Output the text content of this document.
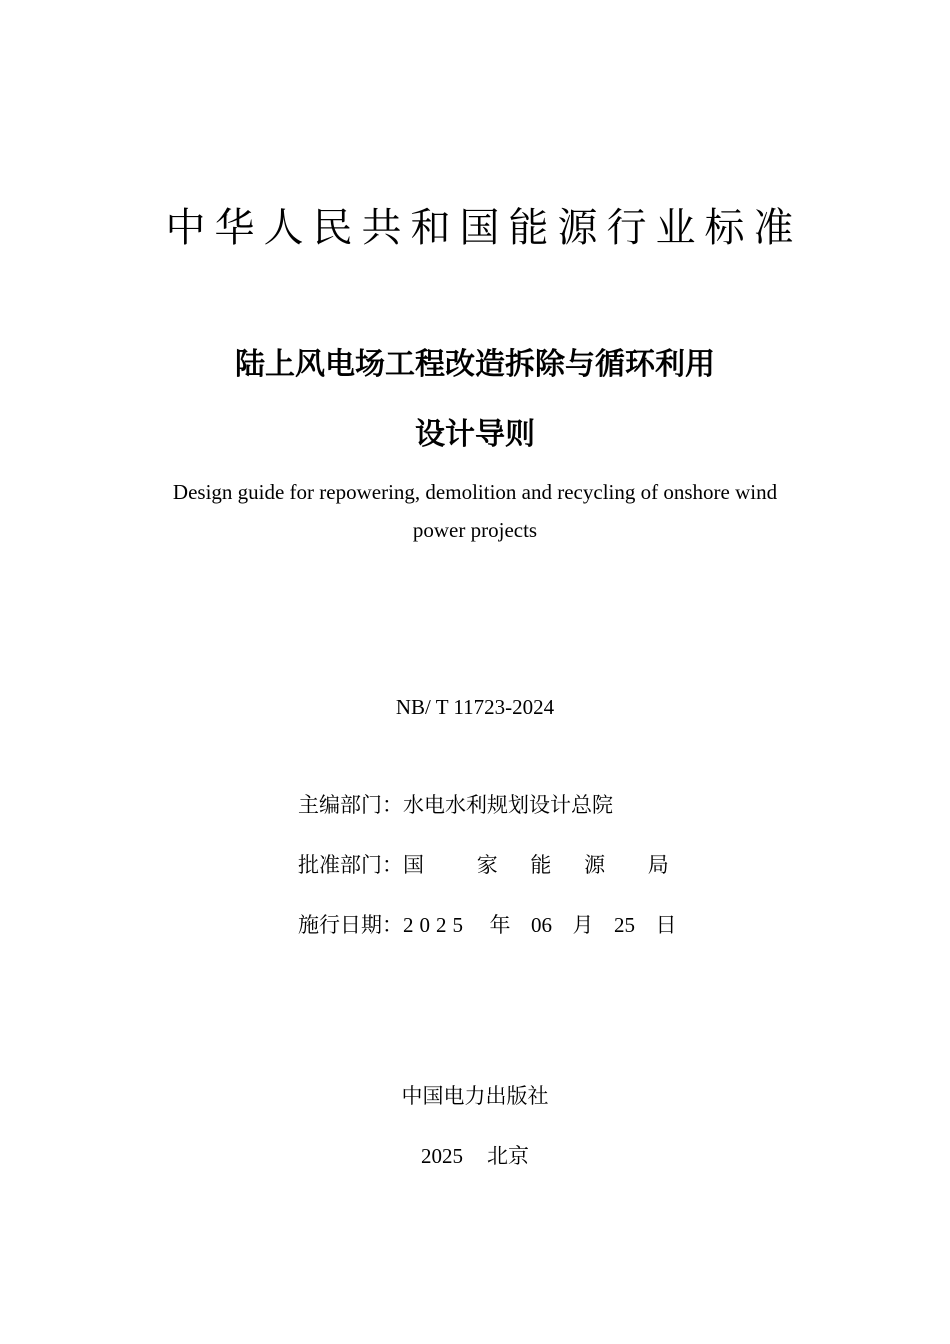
中华人民共和国能源行业标准
陆上风电场工程改造拆除与循环利用
设计导则
Design guide for repowering, demolition and recycling of onshore wind
power projects
NB/ T 11723-2024
主编部门： 水电水利规划设计总院
批准部门： 国	家 能 源 局
施行日期： 2025 年 06 月 25 日
中国电力出版社
2025 北京
